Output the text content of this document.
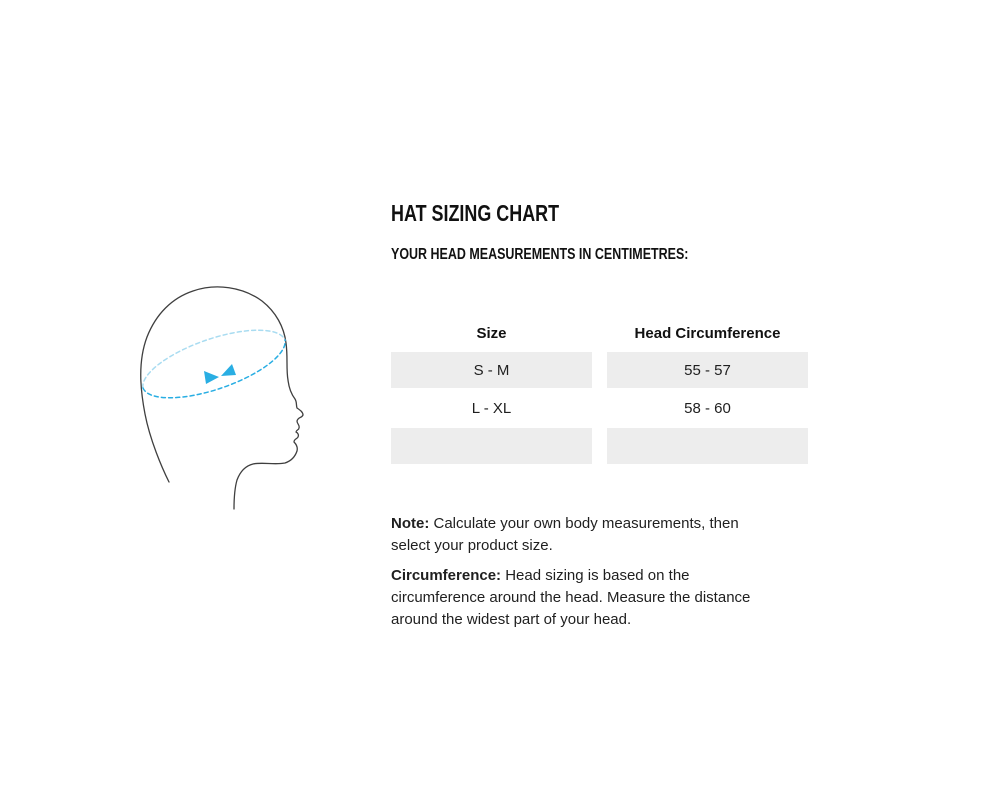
HAT SIZING CHART
YOUR HEAD MEASUREMENTS IN CENTIMETRES:
Size	Head Circumference
S - M	55 - 57
L - XL	58 - 60

Note: Calculate your own body measurements, then
select your product size.

Circumference: Head sizing is based on the
circumference around the head. Measure the distance
around the widest part of your head.
